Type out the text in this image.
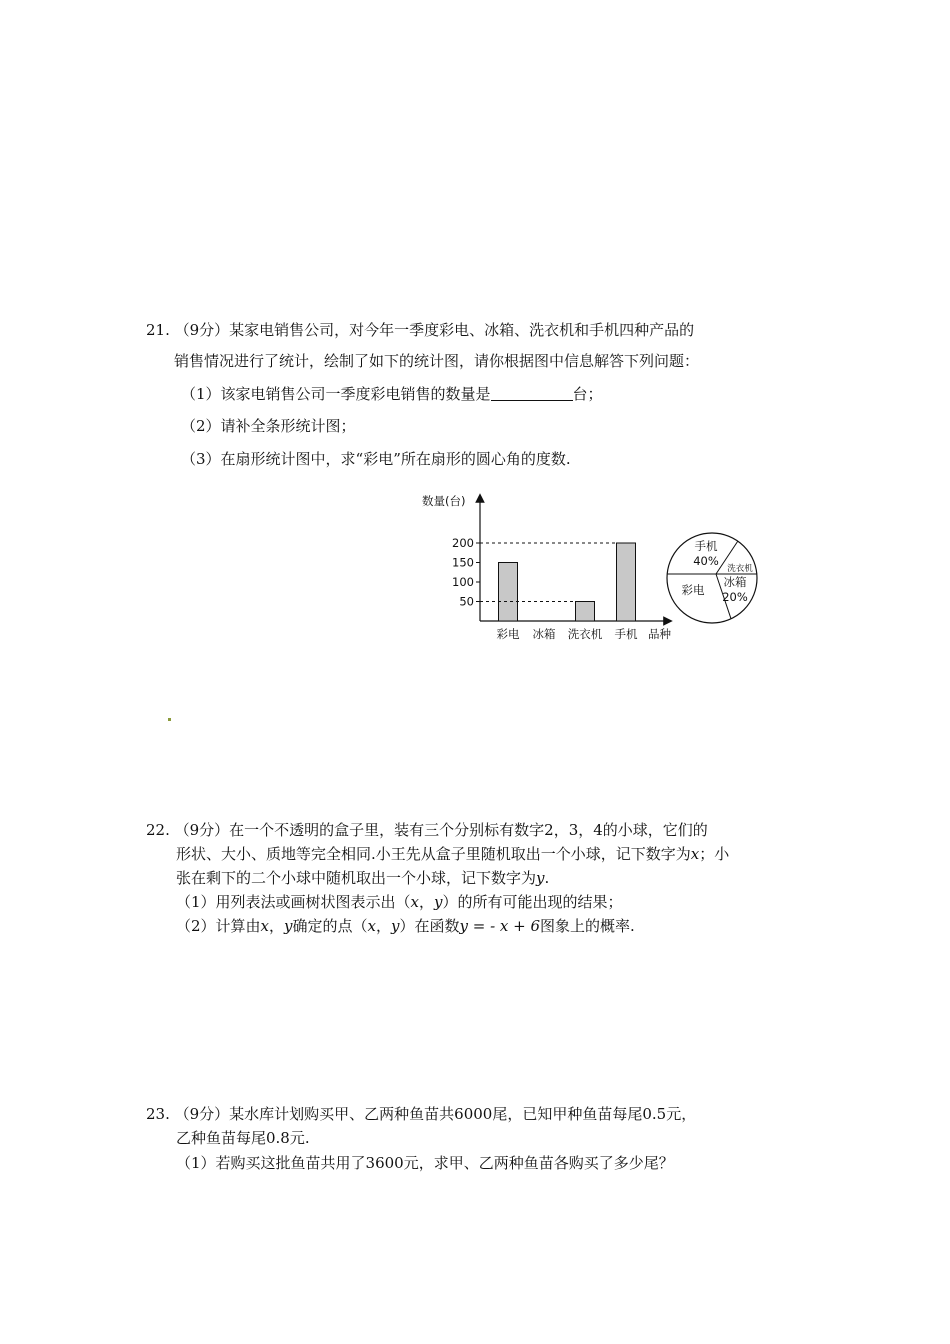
21. （9分）某家电销售公司，对今年一季度彩电、冰箱、洗衣机和手机四种产品的
销售情况进行了统计，绘制了如下的统计图，请你根据图中信息解答下列问题：
（1）该家电销售公司一季度彩电销售的数量是	台；
（2）请补全条形统计图；
（3）在扇形统计图中，求“彩电”所在扇形的圆心角的度数.
数量(台)
品种
50
100
150
200
彩电 冰箱 洗衣机 手机
手机
40%
洗衣机
冰箱
20%
彩电
22. （9分）在一个不透明的盒子里，装有三个分别标有数字2，3，4的小球，它们的
形状、大小、质地等完全相同.小王先从盒子里随机取出一个小球，记下数字为x；小
张在剩下的二个小球中随机取出一个小球，记下数字为y.
（1）用列表法或画树状图表示出（x，y）的所有可能出现的结果；
（2）计算由x，y确定的点（x，y）在函数y = - x + 6图象上的概率.
23. （9分）某水库计划购买甲、乙两种鱼苗共6000尾，已知甲种鱼苗每尾0.5元，
乙种鱼苗每尾0.8元.
（1）若购买这批鱼苗共用了3600元，求甲、乙两种鱼苗各购买了多少尾？
